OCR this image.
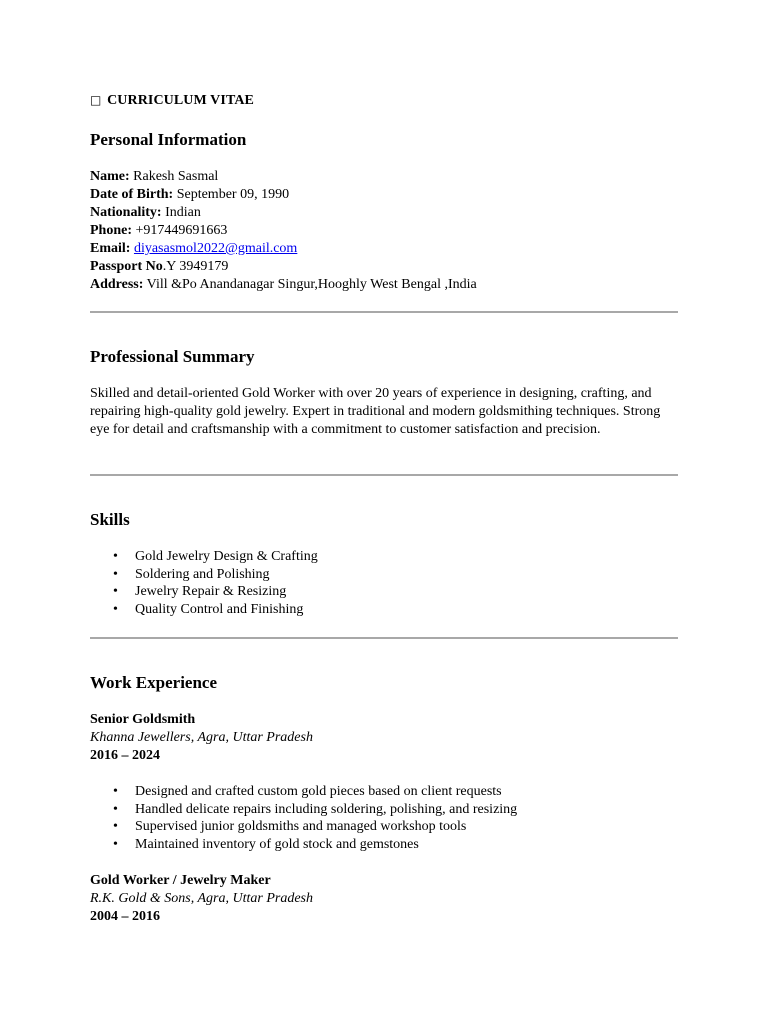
□ CURRICULUM VITAE
Personal Information
Name: Rakesh Sasmal
Date of Birth: September 09, 1990
Nationality: Indian
Phone: +917449691663
Email: diyasasmol2022@gmail.com
Passport No.Y 3949179
Address: Vill &Po Anandanagar Singur,Hooghly West Bengal ,India
Professional Summary

Skilled and detail-oriented Gold Worker with over 20 years of experience in designing, crafting, and repairing high-quality gold jewelry. Expert in traditional and modern goldsmithing techniques. Strong eye for detail and craftsmanship with a commitment to customer satisfaction and precision.

Skills
• Gold Jewelry Design & Crafting
• Soldering and Polishing
• Jewelry Repair & Resizing
• Quality Control and Finishing
Work Experience
Senior Goldsmith
Khanna Jewellers, Agra, Uttar Pradesh
2016 – 2024
• Designed and crafted custom gold pieces based on client requests
• Handled delicate repairs including soldering, polishing, and resizing
• Supervised junior goldsmiths and managed workshop tools
• Maintained inventory of gold stock and gemstones
Gold Worker / Jewelry Maker
R.K. Gold & Sons, Agra, Uttar Pradesh
2004 – 2016
